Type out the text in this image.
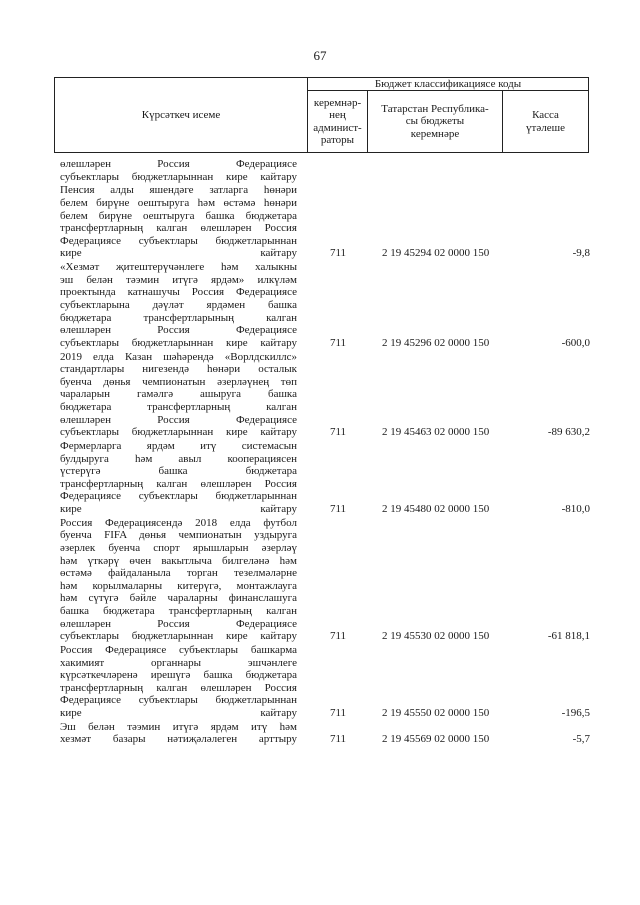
67
Күрсәткеч исеме
Бюджет классификациясе коды
керемнәр-
нең
админист-
раторы
Татарстан Республика-
сы бюджеты
керемнәре
Касса
үтәлеше
өлешләрен Россия Федерациясе
субъектлары бюджетларыннан кире кайтару
Пенсия алды яшендәге затларга һөнәри
белем бирүне оештыруга һәм өстәмә һөнәри
белем бирүне оештыруга башка бюджетара
трансфертларның калган өлешләрен Россия
Федерациясе субъектлары бюджетларыннан
кире кайтару	711	2 19 45294 02 0000 150	-9,8
«Хезмәт җитештерүчәнлеге һәм халыкны
эш белән тәэмин итүгә ярдәм» илкүләм
проектында катнашучы Россия Федерациясе
субъектларына дәүләт ярдәмен башка
бюджетара трансфертларының калган
өлешләрен Россия Федерациясе
субъектлары бюджетларыннан кире кайтару	711	2 19 45296 02 0000 150	-600,0
2019 елда Казан шәһәрендә «Ворлдскиллс»
стандартлары нигезендә һөнәри осталык
буенча дөнья чемпионатын әзерләүнең төп
чараларын гамәлгә ашыруга башка
бюджетара трансфертларның калган
өлешләрен Россия Федерациясе
субъектлары бюджетларыннан кире кайтару	711	2 19 45463 02 0000 150	-89 630,2
Фермерларга ярдәм итү системасын
булдыруга һәм авыл кооперациясен
үстерүгә башка бюджетара
трансфертларның калган өлешләрен Россия
Федерациясе субъектлары бюджетларыннан
кире кайтару	711	2 19 45480 02 0000 150	-810,0
Россия Федерациясендә 2018 елда футбол
буенча FIFA дөнья чемпионатын уздыруга
әзерлек буенча спорт ярышларын әзерләү
һәм үткәрү өчен вакытлыча билгеләнә һәм
өстәмә файдаланыла торган тезелмәләрне
һәм корылмаларны китерүгә, монтажлауга
һәм сүтүгә бәйле чараларны финанслашуга
башка бюджетара трансфертларның калган
өлешләрен Россия Федерациясе
субъектлары бюджетларыннан кире кайтару	711	2 19 45530 02 0000 150	-61 818,1
Россия Федерациясе субъектлары башкарма
хакимият органнары эшчәнлеге
күрсәткечләренә ирешүгә башка бюджетара
трансфертларның калган өлешләрен Россия
Федерациясе субъектлары бюджетларыннан
кире кайтару	711	2 19 45550 02 0000 150	-196,5
Эш белән тәэмин итүгә ярдәм итү һәм
хезмәт базары нәтиҗәләлеген арттыру	711	2 19 45569 02 0000 150	-5,7
